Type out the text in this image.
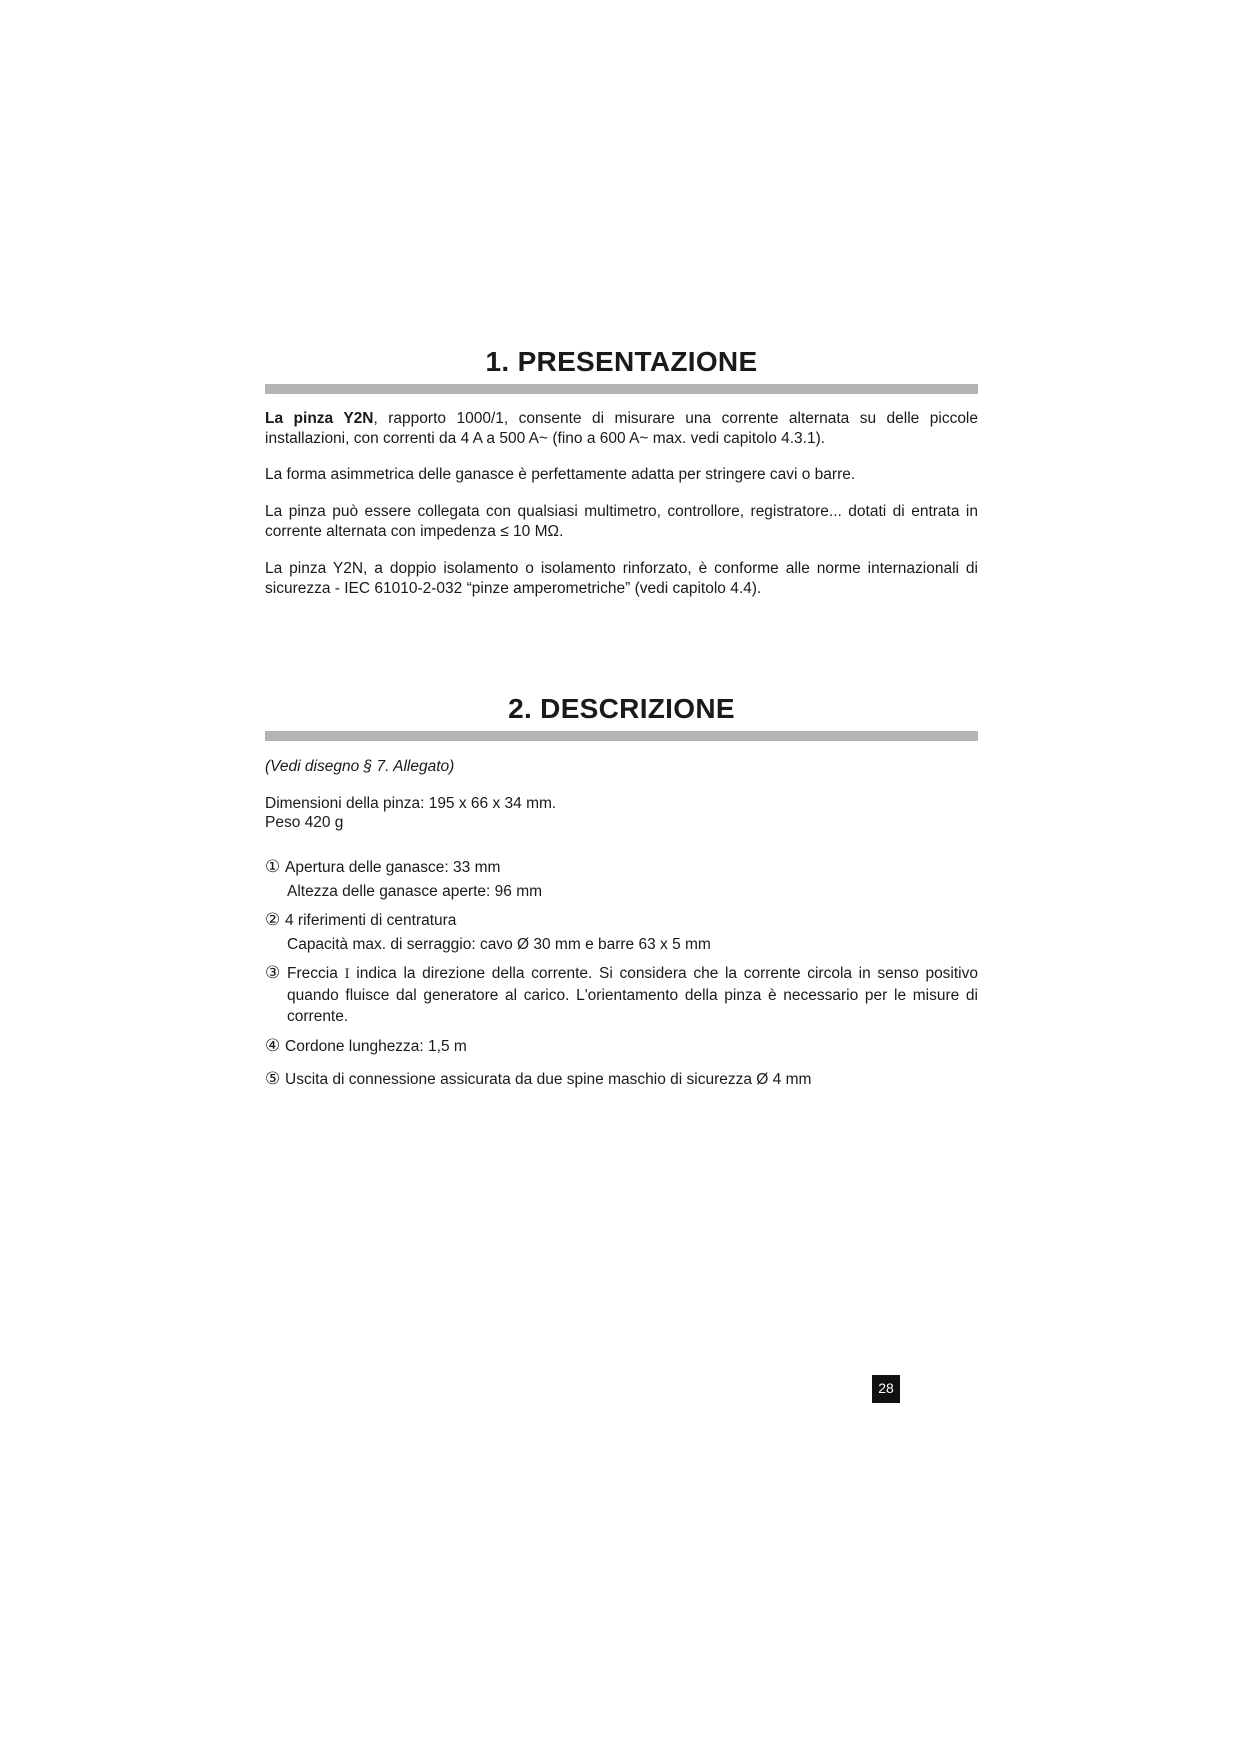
1. PRESENTAZIONE

La pinza Y2N, rapporto 1000/1, consente di misurare una corrente alternata su delle piccole installazioni, con correnti da 4 A a 500 A~ (fino a 600 A~ max. vedi capitolo 4.3.1).

La forma asimmetrica delle ganasce è perfettamente adatta per stringere cavi o barre.

La pinza può essere collegata con qualsiasi multimetro, controllore, registratore... dotati di entrata in corrente alternata con impedenza ≤ 10 MΩ.

La pinza Y2N, a doppio isolamento o isolamento rinforzato, è conforme alle norme internazionali di sicurezza - IEC 61010-2-032 “pinze amperometriche” (vedi capitolo 4.4).

2. DESCRIZIONE

(Vedi disegno § 7. Allegato)

Dimensioni della pinza: 195 x 66 x 34 mm.

Peso 420 g

① Apertura delle ganasce: 33 mm
Altezza delle ganasce aperte: 96 mm
② 4 riferimenti di centratura
Capacità max. di serraggio: cavo Ø 30 mm e barre 63 x 5 mm
③ Freccia I indica la direzione della corrente. Si considera che la corrente circola in senso positivo quando fluisce dal generatore al carico. L'orientamento della pinza è necessario per le misure di corrente.
④ Cordone lunghezza: 1,5 m
⑤ Uscita di connessione assicurata da due spine maschio di sicurezza Ø 4 mm
28
